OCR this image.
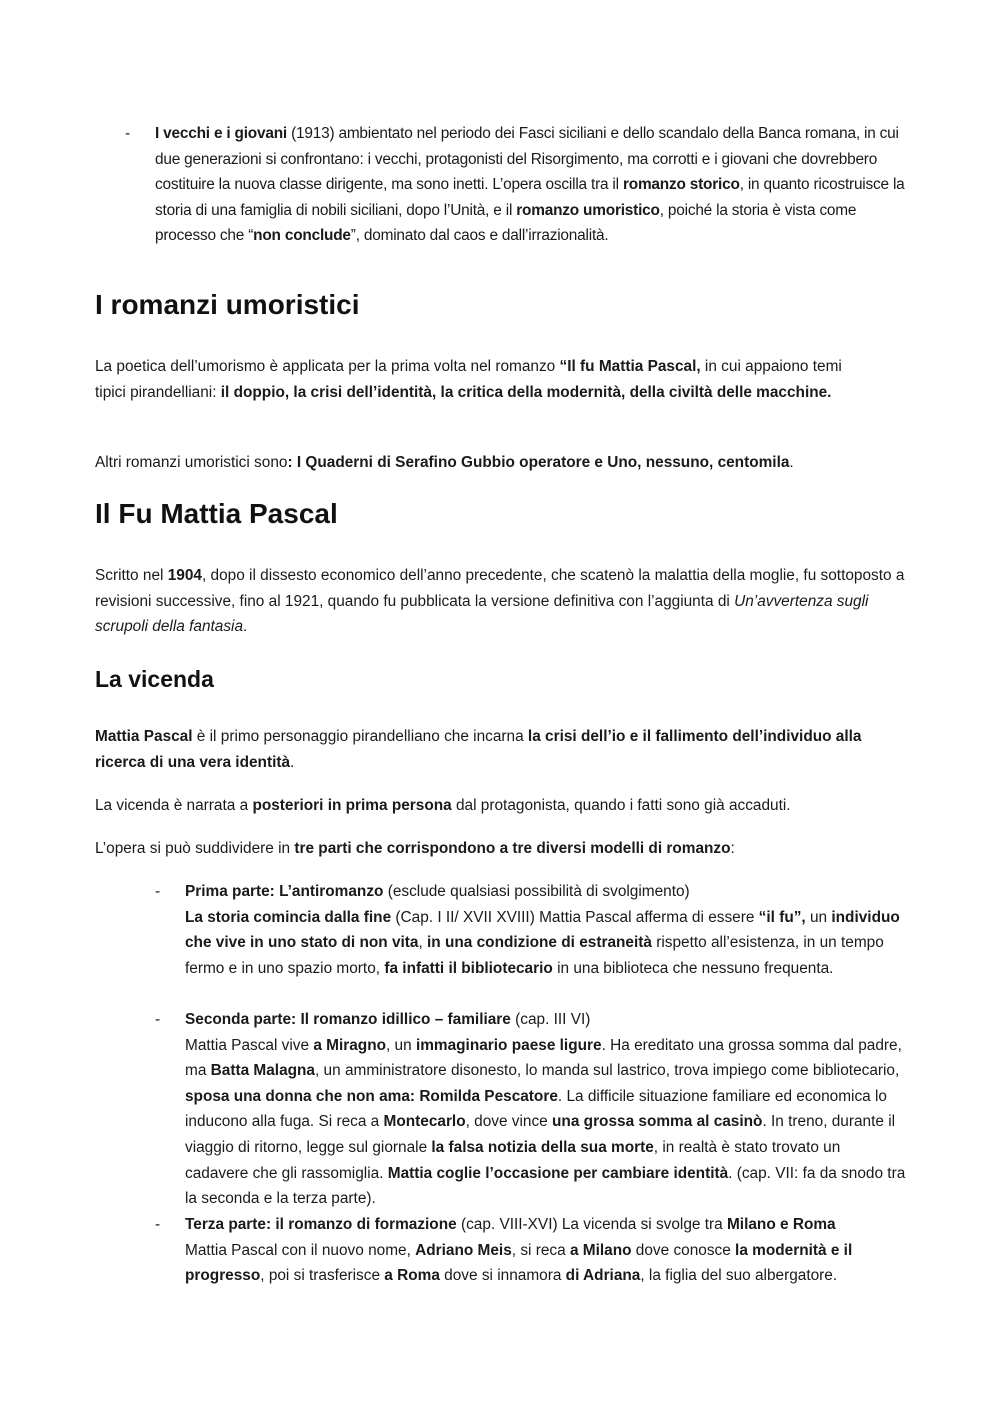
- I vecchi e i giovani (1913) ambientato nel periodo dei Fasci siciliani e dello scandalo della Banca romana, in cui due generazioni si confrontano: i vecchi, protagonisti del Risorgimento, ma corrotti e i giovani che dovrebbero costituire la nuova classe dirigente, ma sono inetti. L’opera oscilla tra il romanzo storico, in quanto ricostruisce la storia di una famiglia di nobili siciliani, dopo l’Unità, e il romanzo umoristico, poiché la storia è vista come processo che “non conclude”, dominato dal caos e dall’irrazionalità.

I romanzi umoristici

La poetica dell’umorismo è applicata per la prima volta nel romanzo “Il fu Mattia Pascal, in cui appaiono temi tipici pirandelliani: il doppio, la crisi dell’identità, la critica della modernità, della civiltà delle macchine.

Altri romanzi umoristici sono: I Quaderni di Serafino Gubbio operatore e Uno, nessuno, centomila.

Il Fu Mattia Pascal

Scritto nel 1904, dopo il dissesto economico dell’anno precedente, che scatenò la malattia della moglie, fu sottoposto a revisioni successive, fino al 1921, quando fu pubblicata la versione definitiva con l’aggiunta di Un’avvertenza sugli scrupoli della fantasia.

La vicenda

Mattia Pascal è il primo personaggio pirandelliano che incarna la crisi dell’io e il fallimento dell’individuo alla ricerca di una vera identità.

La vicenda è narrata a posteriori in prima persona dal protagonista, quando i fatti sono già accaduti.

L’opera si può suddividere in tre parti che corrispondono a tre diversi modelli di romanzo:

- Prima parte: L’antiromanzo (esclude qualsiasi possibilità di svolgimento)
La storia comincia dalla fine (Cap. I II/ XVII XVIII) Mattia Pascal afferma di essere “il fu”, un individuo che vive in uno stato di non vita, in una condizione di estraneità rispetto all’esistenza, in un tempo fermo e in uno spazio morto, fa infatti il bibliotecario in una biblioteca che nessuno frequenta.

- Seconda parte: Il romanzo idillico – familiare (cap. III VI)
Mattia Pascal vive a Miragno, un immaginario paese ligure. Ha ereditato una grossa somma dal padre, ma Batta Malagna, un amministratore disonesto, lo manda sul lastrico, trova impiego come bibliotecario, sposa una donna che non ama: Romilda Pescatore. La difficile situazione familiare ed economica lo inducono alla fuga. Si reca a Montecarlo, dove vince una grossa somma al casinò. In treno, durante il viaggio di ritorno, legge sul giornale la falsa notizia della sua morte, in realtà è stato trovato un cadavere che gli rassomiglia. Mattia coglie l’occasione per cambiare identità. (cap. VII: fa da snodo tra la seconda e la terza parte).

- Terza parte: il romanzo di formazione (cap. VIII-XVI) La vicenda si svolge tra Milano e Roma
Mattia Pascal con il nuovo nome, Adriano Meis, si reca a Milano dove conosce la modernità e il progresso, poi si trasferisce a Roma dove si innamora di Adriana, la figlia del suo albergatore.
